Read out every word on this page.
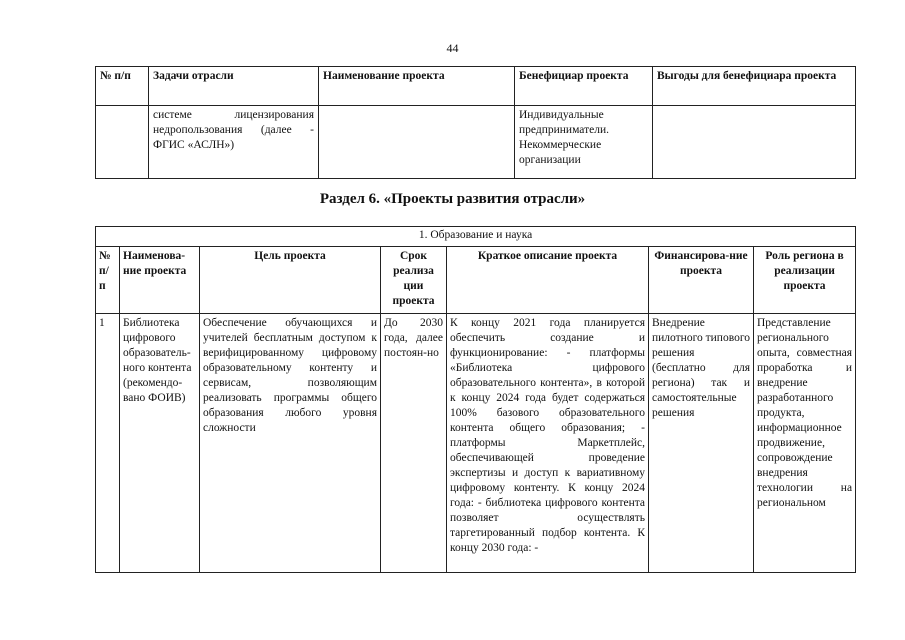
44
№ п/п	Задачи отрасли	Наименование проекта	Бенефициар проекта	Выгоды для бенефициара проекта
	системе лицензирования недропользования (далее - ФГИС «АСЛН»)		Индивидуальные предприниматели. Некоммерческие организации	
Раздел 6. «Проекты развития отрасли»
1. Образование и наука						
№ п/ п	Наименова-ние проекта	Цель проекта	Срок реализа ции проекта	Краткое описание проекта	Финансирова-ние проекта	Роль региона в реализации проекта
1	Библиотека цифрового образователь-ного контента (рекомендо-вано ФОИВ)	Обеспечение обучающихся и учителей бесплатным доступом к верифицированному цифровому образовательному контенту и сервисам, позволяющим реализовать программы общего образования любого уровня сложности	До 2030 года, далее постоян-но	К концу 2021 года планируется обеспечить создание и функционирование: - платформы «Библиотека цифрового образовательного контента», в которой к концу 2024 года будет содержаться 100% базового образовательного контента общего образования; - платформы Маркетплейс, обеспечивающей проведение экспертизы и доступ к вариативному цифровому контенту. К концу 2024 года: - библиотека цифрового контента позволяет осуществлять таргетированный подбор контента. К концу 2030 года: -	Внедрение пилотного типового решения (бесплатно для региона) так и самостоятельные решения	Представление регионального опыта, совместная проработка и внедрение разработанного продукта, информационное продвижение, сопровождение внедрения технологии на региональном
